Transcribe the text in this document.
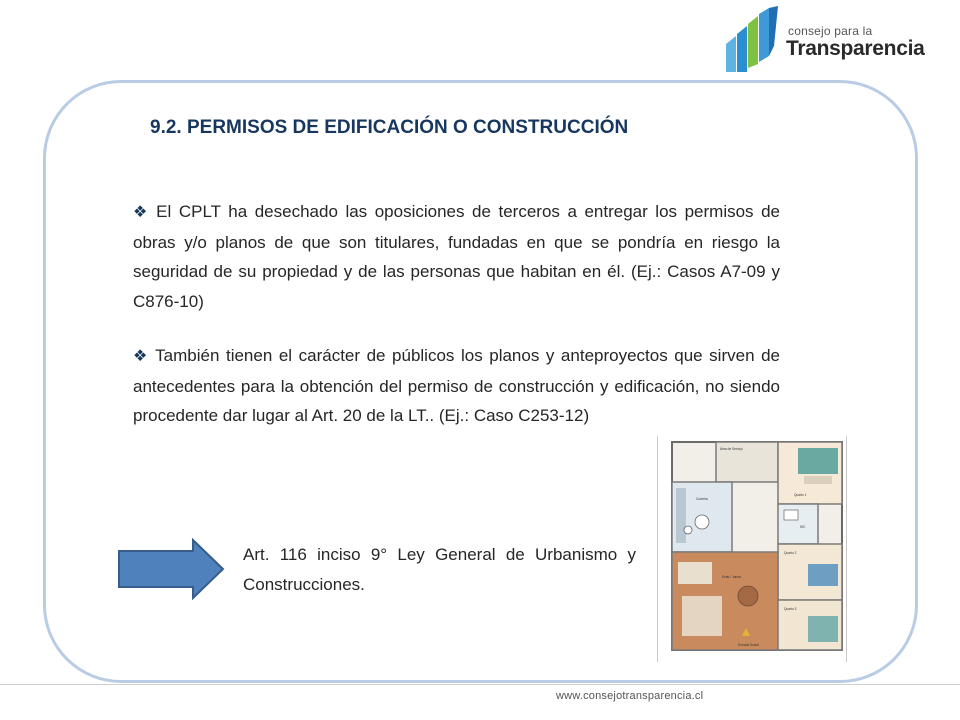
consejo para la
Transparencia
9.2. PERMISOS DE EDIFICACIÓN O CONSTRUCCIÓN
❖ El CPLT ha desechado las oposiciones de terceros a entregar los permisos de obras y/o planos de que son titulares, fundadas en que se pondría en riesgo la seguridad de su propiedad y de las personas que habitan en él. (Ej.: Casos A7-09 y C876-10)
❖ También tienen el carácter de públicos los planos y anteproyectos que sirven de antecedentes para la obtención del permiso de construcción y edificación, no siendo procedente dar lugar al Art. 20 de la LT.. (Ej.: Caso C253-12)
Art. 116 inciso 9° Ley General de Urbanismo y Construcciones.
Área de Serviço
Quarto 1
Cozinha
WC
Quarto 2
Estar / Jantar
Quarto 3
Entrada Social
www.consejotransparencia.cl
